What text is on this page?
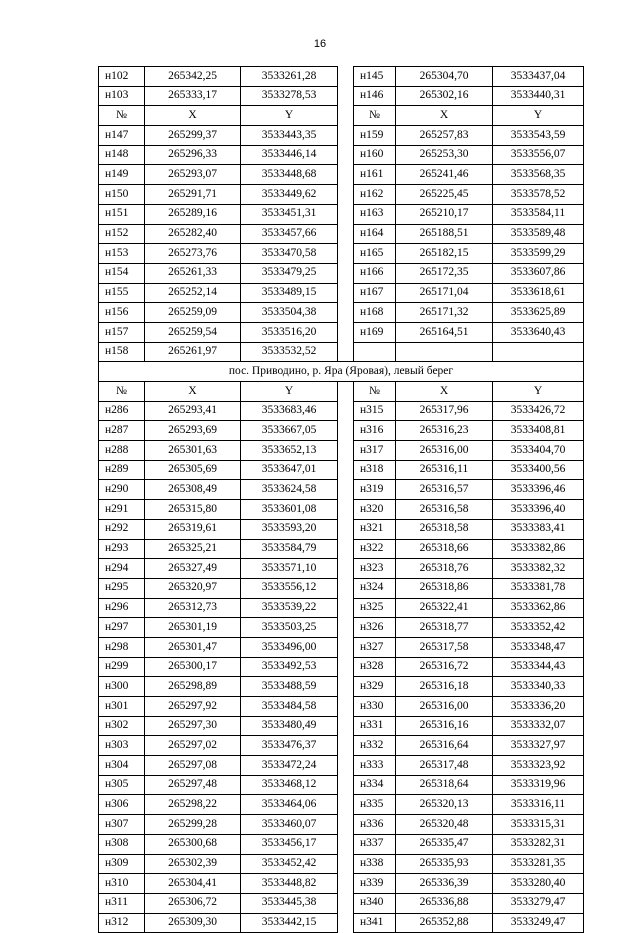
16
н102	265342,25	3533261,28		н145	265304,70	3533437,04
н103	265333,17	3533278,53		н146	265302,16	3533440,31
№	X	Y		№	X	Y
н147	265299,37	3533443,35		н159	265257,83	3533543,59
н148	265296,33	3533446,14		н160	265253,30	3533556,07
н149	265293,07	3533448,68		н161	265241,46	3533568,35
н150	265291,71	3533449,62		н162	265225,45	3533578,52
н151	265289,16	3533451,31		н163	265210,17	3533584,11
н152	265282,40	3533457,66		н164	265188,51	3533589,48
н153	265273,76	3533470,58		н165	265182,15	3533599,29
н154	265261,33	3533479,25		н166	265172,35	3533607,86
н155	265252,14	3533489,15		н167	265171,04	3533618,61
н156	265259,09	3533504,38		н168	265171,32	3533625,89
н157	265259,54	3533516,20		н169	265164,51	3533640,43
н158	265261,97	3533532,52				
пос. Приводино, р. Яра (Яровая), левый берег						
№	X	Y		№	X	Y
н286	265293,41	3533683,46		н315	265317,96	3533426,72
н287	265293,69	3533667,05		н316	265316,23	3533408,81
н288	265301,63	3533652,13		н317	265316,00	3533404,70
н289	265305,69	3533647,01		н318	265316,11	3533400,56
н290	265308,49	3533624,58		н319	265316,57	3533396,46
н291	265315,80	3533601,08		н320	265316,58	3533396,40
н292	265319,61	3533593,20		н321	265318,58	3533383,41
н293	265325,21	3533584,79		н322	265318,66	3533382,86
н294	265327,49	3533571,10		н323	265318,76	3533382,32
н295	265320,97	3533556,12		н324	265318,86	3533381,78
н296	265312,73	3533539,22		н325	265322,41	3533362,86
н297	265301,19	3533503,25		н326	265318,77	3533352,42
н298	265301,47	3533496,00		н327	265317,58	3533348,47
н299	265300,17	3533492,53		н328	265316,72	3533344,43
н300	265298,89	3533488,59		н329	265316,18	3533340,33
н301	265297,92	3533484,58		н330	265316,00	3533336,20
н302	265297,30	3533480,49		н331	265316,16	3533332,07
н303	265297,02	3533476,37		н332	265316,64	3533327,97
н304	265297,08	3533472,24		н333	265317,48	3533323,92
н305	265297,48	3533468,12		н334	265318,64	3533319,96
н306	265298,22	3533464,06		н335	265320,13	3533316,11
н307	265299,28	3533460,07		н336	265320,48	3533315,31
н308	265300,68	3533456,17		н337	265335,47	3533282,31
н309	265302,39	3533452,42		н338	265335,93	3533281,35
н310	265304,41	3533448,82		н339	265336,39	3533280,40
н311	265306,72	3533445,38		н340	265336,88	3533279,47
н312	265309,30	3533442,15		н341	265352,88	3533249,47
